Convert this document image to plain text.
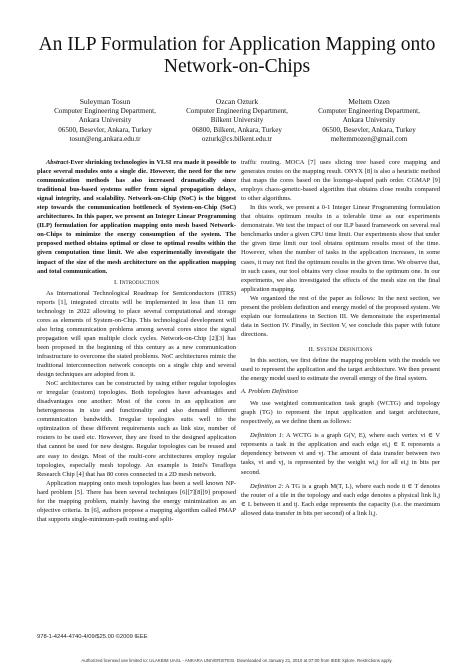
An ILP Formulation for Application Mapping onto
Network-on-Chips
Suleyman Tosun
Computer Engineering Department,
Ankara University
06500, Besevler, Ankara, Turkey
tosun@eng.ankara.edu.tr
Ozcan Ozturk
Computer Engineering Department,
Bilkent University
06800, Bilkent, Ankara, Turkey
ozturk@cs.bilkent.edu.tr
Meltem Ozen
Computer Engineering Department,
Ankara University
06500, Besevler, Ankara, Turkey
meltemmozen@gmail.com

Abstract-Ever shrinking technologies in VLSI era made it possible to place several modules onto a single die. However, the need for the new communication methods has also increased dramatically since traditional bus-based systems suffer from signal propagation delays, signal integrity, and scalability. Network-on-Chip (NoC) is the biggest step towards the communication bottleneck of System-on-Chip (SoC) architectures. In this paper, we present an Integer Linear Programming (ILP) formulation for application mapping onto mesh based Network-on-Chips to minimize the energy consumption of the system. The proposed method obtains optimal or close to optimal results within the given computation time limit. We also experimentally investigate the impact of the size of the mesh architecture on the application mapping and total communication.

I. Introduction

As International Technological Roadmap for Semiconductors (ITRS) reports [1], integrated circuits will be implemented in less than 11 nm technology in 2022 allowing to place several computational and storage cores as elements of System-on-Chip. This technological development will also bring communication problems among several cores since the signal propagation will span multiple clock cycles. Network-on-Chip [2][3] has been proposed in the beginning of this century as a new communication infrastructure to overcome the stated problems. NoC architectures mimic the traditional interconnection network concepts on a single chip and several design techniques are adopted from it.

NoC architectures can be constructed by using either regular topologies or irregular (custom) topologies. Both topologies have advantages and disadvantages one another: Most of the cores in an application are heterogeneous in size and functionality and also demand different communication bandwidth. Irregular topologies suits well to the optimization of these different requirements such as link size, number of routers to be used etc. However, they are fixed to the designed application that cannot be used for new designs. Regular topologies can be reused and are easy to design. Most of the multi-core architectures employ regular topologies, especially mesh topology. An example is Intel's Teraflops Research Chip [4] that has 80 cores connected in a 2D mesh network.

Application mapping onto mesh topologies has been a well known NP-hard problem [5]. There has been several techniques [6][7][8][9] proposed for the mapping problem, mainly having the energy minimization as an objective criteria. In [6], authors propose a mapping algorithm called PMAP that supports single-minimum-path routing and split-

traffic routing. MOCA [7] uses slicing tree based core mapping and generates routes on the mapping result. ONYX [8] is also a heuristic method that maps the cores based on the lozenge-shaped path order. CGMAP [9] employs chaos-genetic-based algorithm that obtains close results compared to other algorithms.

In this work, we present a 0-1 Integer Linear Programming formulation that obtains optimum results in a tolerable time as our experiments demonstrate. We test the impact of our ILP based framework on several real benchmarks under a given CPU time limit. Our experiments show that under the given time limit our tool obtains optimum results most of the time. However, when the number of tasks in the application increases, in some cases, it may not find the optimum results in the given time. We observe that, in such cases, our tool obtains very close results to the optimum one. In our experiments, we also investigated the effects of the mesh size on the final application mapping.

We organized the rest of the paper as follows: In the next section, we present the problem definition and energy model of the proposed system. We explain our formulations in Section III. We demonstrate the experimental data in Section IV. Finally, in Section V, we conclude this paper with future directions.

II. System Definitions

In this section, we first define the mapping problem with the models we used to represent the application and the target architecture. We then present the energy model used to estimate the overall energy of the final system.

A. Problem Definition

We use weighted communication task graph (WCTG) and topology graph (TG) to represent the input application and target architecture, respectively, as we define them as follows:

Definition 1: A WCTG is a graph G(V, E), where each vertex vi ∈ V represents a task in the application and each edge ei,j ∈ E represents a dependency between vi and vj. The amount of data transfer between two tasks, vi and vj, is represented by the weight wi,j for all ei,j in bits per second.

Definition 2: A TG is a graph M(T, L), where each node ti ∈ T denotes the router of a tile in the topology and each edge denotes a physical link li,j ∈ L between ti and tj. Each edge represents the capacity (i.e. the maximum allowed data transfer in bits per second) of a link li,j.

978-1-4244-4740-4/09/$25.00 ©2009 IEEE
Authorized licensed use limited to: ULAKBIM UASL - ANKARA UNIVERSITESI. Downloaded on January 21, 2010 at 07:00 from IEEE Xplore. Restrictions apply.
